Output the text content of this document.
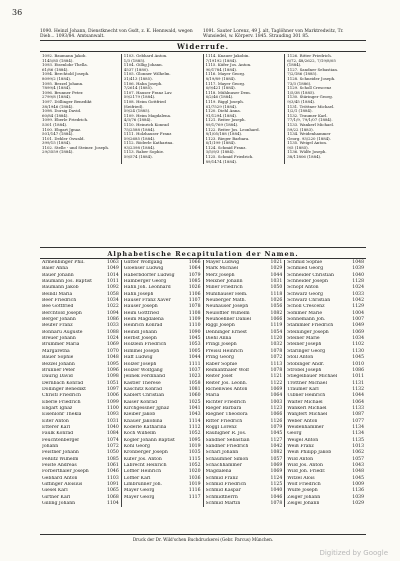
36
1090. Heinzl Johann, Dienstknecht von Gsdt, z. K. Hennwald, wegen Dieb... 1093/84. Amtsanwalt.
1091. Sauter Lorenz, 49 J. alt, Taglöhner von Marktredwitz, Tr. Wunsiedel, w. Körperv. 1845. Strauding 301 85.
Widerrufe.
1092. Baumann Jakob.
1145/85 (1884).
1093. Eisenlohr Thella.
61/86 (1884).
1094. Berchtold Joseph.
8099/2 (1884).
1095. Bezzel Johann.
7899/4 (1884).
1096. Brunner Peter.
2799/8 (1884).
1097. Döllinger Benedikt
38/1946 (1884).
1098. Dorsig David.
60/84 (1884).
1099. Eberle Friedrich.
5301 (1884).
1100. Ebgart Jgnaz.
501/147 (1884).
1101. Dehler Oswald.
399/15 (1884).
1102. Stelle - und Steiner. Joseph.
29/3559 (1884).
1103. Gebhard Anton.
1/3 (1885).
1104. Gillig Johann.
4537 (1880).
1105. Glonner Wilhelm.
31/413 (1885).
1106. Hahn Joseph.
7/2614 (1885).
1107. Hauser Franz Lav.
59/2179 (1884).
1108. Heim Gottfried
(Seifried).
59/24 (1885).
1109. Heim Magdalena.
4/3/76 (1884).
1110. Heinrich Konrad
75/2588 (1884).
1111. Holzhauser Franz
59/2685 (1884).
1112. Röderle Katharina.
93/2398 (1884).
1113. Raber Sophie.
59/574 (1884).
1114. Knauer Jakobin.
7/19192 (1884).
1115. Küfer Jos. Anton.
90/1784 (1884).
1116. Mayer Georg.
8/19/89 (1884).
1117. Mayer Georg.
6/9/421 (1884).
1118. Mühlnuser Dem.
6/2/46 (1884).
1119. Riggl Joseph.
61/7529 (1884).
1120. Diehl Anna.
91/1294 (1884).
1121. Reiter Joseph.
89/1/769 (1884).
1122. Reiter Jos. Leonhard.
8/1/05/188 (1884).
1123. Rieger Barbara.
6/1/199 (1884).
1124. Schmid Franz.
3/5/9/3 (1884).
1125. Schmid Friedrich.
89/1474 (1884).
1126. Ritter Friedrich.
6/72, 48/2622, 7/19/8/05
(1884).
1127. Sandner Sebastian.
7/2/186 (1885).
1128. Schneider Joseph.
73/3 (1886).
1129. Scholl Crescenz
1/5/38 (1885).
1130. Stäringer Georg.
9/3/45 (1884).
1131. Tröttner Michael.
1/2/1 (1884).
1132. Traumer Karl.
77/1/9, 79/1/07 (1884).
1133. Wankerl Michael.
59/22 (1883).
1134. Weidenhammer
Georg. 93/220 (1884).
1135. Weigel Anton.
9/5 (1885).
1136. Wülfe Joseph.
38/11806 (1884).
Alphabetische Recapitulation der Namen.
Armenbinger Phil.	1063
Baier Anna	1049
Bauer Johann	1014
Baumann Jos. Baptist	1011
Baumann Jakob	1092
Beindl Maria	1058
Beer Friedrich	1034
Bee Gottfried	1022
Berchtold Joseph	1094
Berger Johann	1086
Beufer Franz	1033
Bonnaru Auguste	1088
Breuer Johann	1024
Brümmer Maria	1069
Margaretha	1070
Bauer Sophie	1048
Bezzel Johann	1095
Brunner Peter	1096
Daurig David	1098
Dernbach Konrad	1051
Döllinger Benedikt	1097
Christl Friedrich	1006
Eberle Friedrich	1099
Ebgart Ignaz	1100
Eisenlohr Thekla	1093
Eiter Anton	1031
Etterer Karl	1040
Faulk Konrad	1084
Feuchtenberger	1074
Johann	1072
Feistner Johann	1050
Feßlitz Wilhelm	1085
Feiste Andreas	1061
Förberthaler Joseph	1046
Gebhard Anton	1103
Giffinger Aloisius	1091
Giesel Karl	1065
Girtner Karl	1068
Gilling Johann	1104
Glitter Wolfgang	1066
Gloenser Ludwig	1064
Haberbdorfer Ludwig	1079
Hamberger Georg	1085
Hahn Joh. Leonhard	1026
Hahn Joseph	1106
Hauser Franz Xaver	1107
Hauser Joseph	1078
Heim Gottfried	1108
Heim Magdalena	1109
Heinrich Konrad	1110
Heindl Johann	1090
Herbst Joseph	1045
Hölzlein Friedrich	1053
Himmel Joseph	1005
Haff Ludwig	1044
Holzer Joseph	1111
Holzer Wolfgang	1037
Jelinek Ferdinand	1023
Kastler Therese	1058
Kaschitz Konrad	1081
Kablert Christian	1060
Kaiser Konrad	1025
Kirchgessner Jgnaz	1041
Kleiber Jakob	1043
Knauer Jakobina	1114
Köderle Katharina	1112
Koch Wilhelm	1052
Kögler Johann Baptist	1095
Kohl Georg	1019
Kronberger Joseph	1035
Küfer Jos. Anton	1115
Labrecht Heinrich	1052
Löffler Heinrich	1020
Löffler Karl	1036
Limbrunner Joh.	1019
Mayer Georg	1116
Mayer Georg	1117
Mayer Ludwig	1021
Mark Michael	1029
Merz Joseph	1044
Meixner Johann	1031
Miller Friedrich	1050
Mühlhauser Hem.	1118
Neuberger Math.	1026
Neuhauser Joseph	1056
Neulöffler Wilhelm	1082
Neuhoehner Daniel	1066
Riggl Joseph	1119
Denninger Ernest	1054
Diehl Anna	1120
Pringl Joseph	1032
Preissl Heinrich	1078
Pring Georg	1072
Raber Sophie	1113
Reimanthaler Wolf	1078
Reiter Josef	1121
Reiter Jos. Leonh.	1122
Richenwies Anton	1069
Maria	1064
Richter Friedrich	1003
Rieger Barbara	1123
Riegner Theodora	1066
Ritter Friedrich	1126
Röggl Lorenz	1079
Rauhigner R. Jos.	1045
Sandner Sebastian	1127
Sandner Friedrich	1042
Scharl Johann	1082
Schaumner Simon	1057
Schachhammer	1069
Magdalena	1069
Schmid Franz	1124
Schmid Friedrich	1125
Schmid Kaspar	1040
Schmidtherrn	1046
Schmid Martin	1078
Schmid Sophie	1048
Schmied Georg	1039
Schneider Christian	1040
Schneider Joseph	1128
Schöpf Anton	1024
Schwarz Georg	1033
Schwarz Christian	1042
Scholl Crescenz	1129
Sommer Marie	1004
Sonnemann Joh.	1007
Stammler Friedrich	1049
Steininger Joseph	1069
Steiner Marie	1034
Steiner Joseph	1102
Stäringer Georg	1130
Stoll Anton	1045
Stöbinger Andr.	1010
Strobel Joseph	1086
Stiegelbauer Michael	1011
Trottner Michael	1131
Traumer Karl	1132
Uibner Heinrich	1044
Walter Michael	1064
Wankerl Michael	1133
Wanjfert Michael	1087
Weber Anton	1077
Weidenhammer	1134
Georg	1134
Weigel Anton	1135
Weiß Franz	1013
Weiß Philipp Jakob	1062
Wild Anton	1057
Wild Jos. Anton	1043
Wild Joh. Friedr.	1048
Witzel Alois	1045
Wolf Friedrich	1009
Wülfe Joseph	1136
Zeiger Johann	1039
Zeigel Johann	1029
Druck der Dr. Wild'schen Buchdruckerei (Gebr. Parcus) München.
Digitized by Google
